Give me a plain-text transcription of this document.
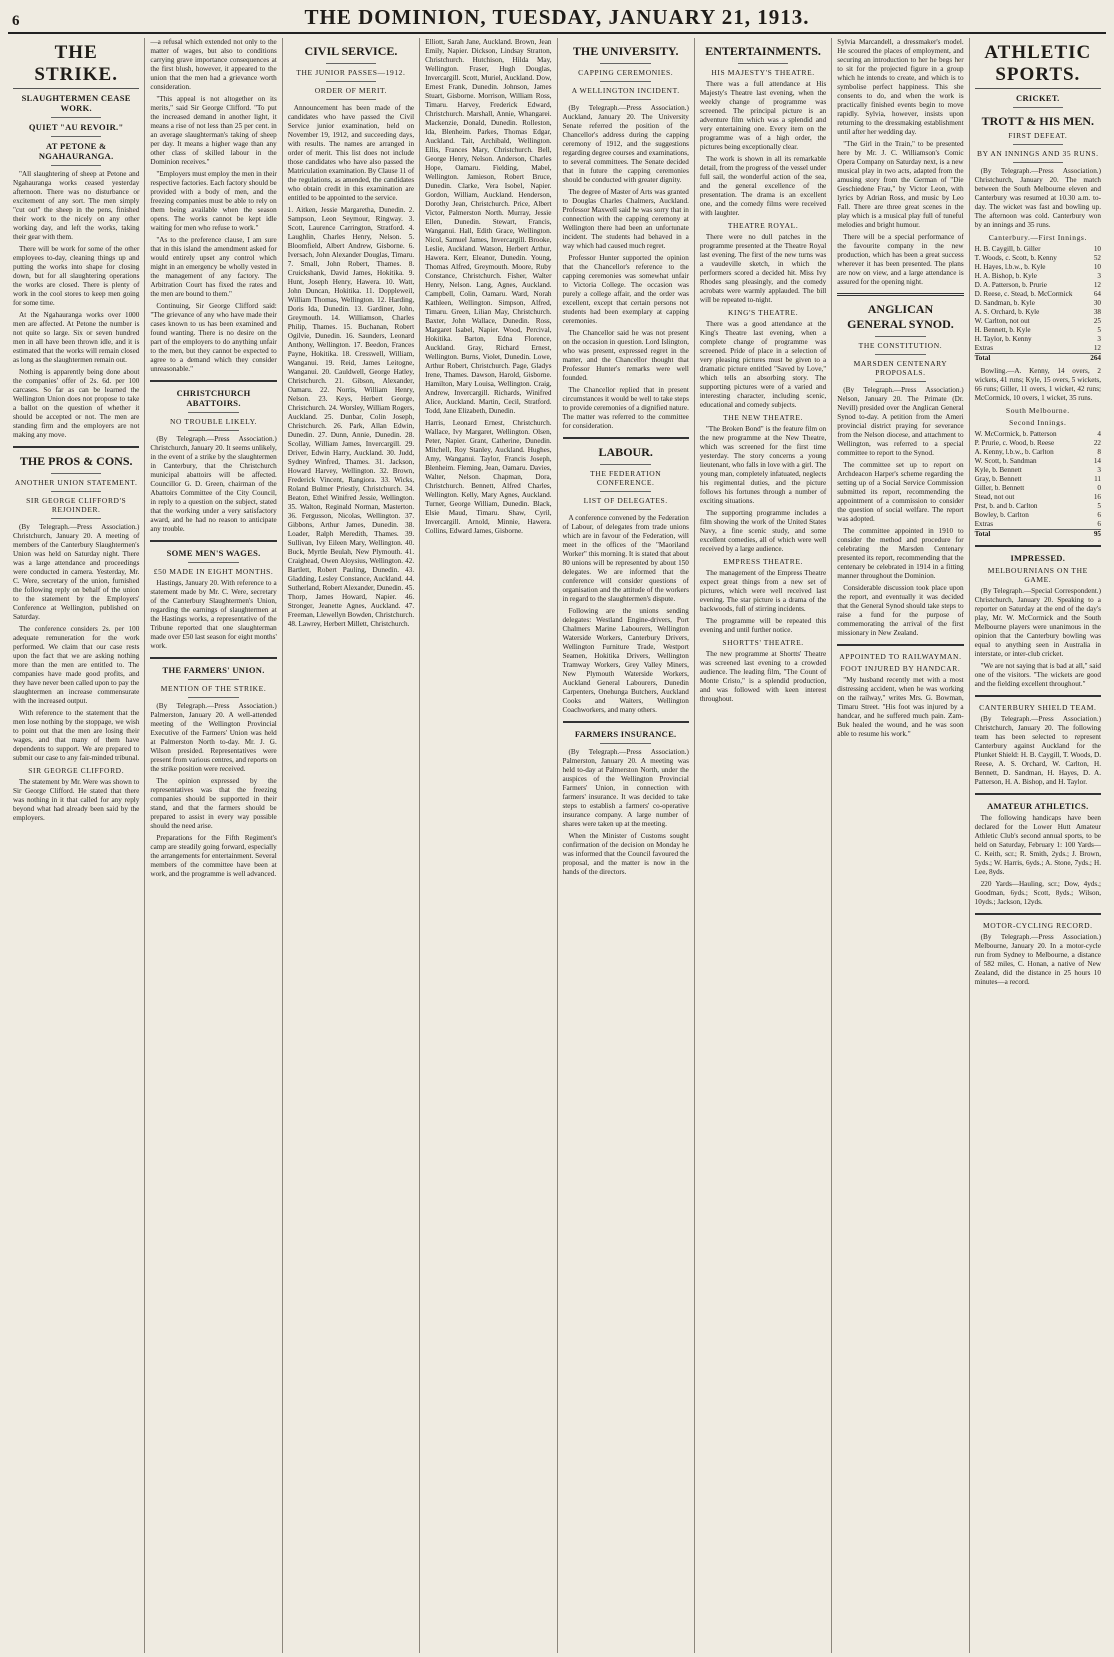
6	THE DOMINION, TUESDAY, JANUARY 21, 1913.
THE STRIKE.
SLAUGHTERMEN CEASE WORK.
QUIET "AU REVOIR."
AT PETONE & NGAHAURANGA.

"All slaughtering of sheep at Petone and Ngahauranga works ceased yesterday afternoon. There was no disturbance or excitement of any sort. The men simply "cut out" the sheep in the pens, finished their work to the nicely on any other working day, and left the works, taking their gear with them.

There will be work for some of the other employees to-day, cleaning things up and putting the works into shape for closing down, but for all slaughtering operations the works are closed. There is plenty of work in the cool stores to keep men going for some time.

At the Ngahauranga works over 1000 men are affected. At Petone the number is not quite so large. Six or seven hundred men in all have been thrown idle, and it is estimated that the works will remain closed as long as the slaughtermen remain out.

Nothing is apparently being done about the companies' offer of 2s. 6d. per 100 carcases. So far as can be learned the Wellington Union does not propose to take a ballot on the question of whether it should be accepted or not. The men are standing firm and the employers are not making any move.

THE PROS & CONS.
ANOTHER UNION STATEMENT.
SIR GEORGE CLIFFORD'S REJOINDER.

(By Telegraph.—Press Association.) Christchurch, January 20. A meeting of members of the Canterbury Slaughtermen's Union was held on Saturday night. There was a large attendance and proceedings were conducted in camera. Yesterday, Mr. C. Were, secretary of the union, furnished the following reply on behalf of the union to the statement by the Employers' Conference at Wellington, published on Saturday.

The conference considers 2s. per 100 adequate remuneration for the work performed. We claim that our case rests upon the fact that we are asking nothing more than the men are entitled to. The companies have made good profits, and they have never been called upon to pay the slaughtermen an increase commensurate with the increased output.

With reference to the statement that the men lose nothing by the stoppage, we wish to point out that the men are losing their wages, and that many of them have dependents to support. We are prepared to submit our case to any fair-minded tribunal.

SIR GEORGE CLIFFORD.

The statement by Mr. Were was shown to Sir George Clifford. He stated that there was nothing in it that called for any reply beyond what had already been said by the employers.

—a refusal which extended not only to the matter of wages, but also to conditions carrying grave importance consequences at the first blush, however, it appeared to the union that the men had a grievance worth consideration.

"This appeal is not altogether on its merits," said Sir George Clifford. "To put the increased demand in another light, it means a rise of not less than 25 per cent. in an average slaughterman's taking of sheep per day. It means a higher wage than any other class of skilled labour in the Dominion receives."

"Employers must employ the men in their respective factories. Each factory should be provided with a body of men, and the freezing companies must be able to rely on them being available when the season opens. The works cannot be kept idle waiting for men who refuse to work."

"As to the preference clause, I am sure that in this island the amendment asked for would entirely upset any control which might in an emergency be wholly vested in the management of any factory. The Arbitration Court has fixed the rates and the men are bound to them."

Continuing, Sir George Clifford said: "The grievance of any who have made their cases known to us has been examined and found wanting. There is no desire on the part of the employers to do anything unfair to the men, but they cannot be expected to agree to a demand which they consider unreasonable."

CHRISTCHURCH ABATTOIRS.
NO TROUBLE LIKELY.

(By Telegraph.—Press Association.) Christchurch, January 20. It seems unlikely, in the event of a strike by the slaughtermen in Canterbury, that the Christchurch municipal abattoirs will be affected. Councillor G. D. Green, chairman of the Abattoirs Committee of the City Council, in reply to a question on the subject, stated that the working under a very satisfactory award, and he had no reason to anticipate any trouble.

SOME MEN'S WAGES.
£50 MADE IN EIGHT MONTHS.

Hastings, January 20. With reference to a statement made by Mr. C. Were, secretary of the Canterbury Slaughtermen's Union, regarding the earnings of slaughtermen at the Hastings works, a representative of the Tribune reported that one slaughterman made over £50 last season for eight months' work.

THE FARMERS' UNION.
MENTION OF THE STRIKE.

(By Telegraph.—Press Association.) Palmerston, January 20. A well-attended meeting of the Wellington Provincial Executive of the Farmers' Union was held at Palmerston North to-day. Mr. J. G. Wilson presided. Representatives were present from various centres, and reports on the strike position were received.

The opinion expressed by the representatives was that the freezing companies should be supported in their stand, and that the farmers should be prepared to assist in every way possible should the need arise.

Preparations for the Fifth Regiment's camp are steadily going forward, especially the arrangements for entertainment. Several members of the committee have been at work, and the programme is well advanced.

CIVIL SERVICE.
THE JUNIOR PASSES—1912.
ORDER OF MERIT.

Announcement has been made of the candidates who have passed the Civil Service junior examination, held on November 19, 1912, and succeeding days, with results. The names are arranged in order of merit. This list does not include those candidates who have also passed the Matriculation examination. By Clause 11 of the regulations, as amended, the candidates who obtain credit in this examination are entitled to be appointed to the service.

1. Aitken, Jessie Margaretha, Dunedin. 2. Sampson, Leon Seymour, Ringway. 3. Scott, Laurence Carrington, Stratford. 4. Laughlin, Charles Henry, Nelson. 5. Bloomfield, Albert Andrew, Gisborne. 6. Iversach, John Alexander Douglas, Timaru. 7. Small, John Robert, Thames. 8. Cruickshank, David James, Hokitika. 9. Hunt, Joseph Henry, Hawera. 10. Watt, John Duncan, Hokitika. 11. Doppleweil, William Thomas, Wellington. 12. Harding, Doris Ida, Dunedin. 13. Gardiner, John, Greymouth. 14. Williamson, Charles Philip, Thames. 15. Buchanan, Robert Ogilvie, Dunedin. 16. Saunders, Leonard Anthony, Wellington. 17. Beedon, Frances Payne, Hokitika. 18. Cresswell, William, Wanganui. 19. Reid, James Leitogne, Wanganui. 20. Cauldwell, George Hatley, Christchurch. 21. Gibson, Alexander, Oamaru. 22. Norris, William Henry, Nelson. 23. Keys, Herbert George, Christchurch. 24. Worsley, William Rogers, Auckland. 25. Dunbar, Colin Joseph, Christchurch. 26. Park, Allan Edwin, Dunedin. 27. Dunn, Annie, Dunedin. 28. Scollay, William James, Invercargill. 29. Driver, Edwin Harry, Auckland. 30. Judd, Sydney Winfred, Thames. 31. Jackson, Howard Harvey, Wellington. 32. Brown, Frederick Vincent, Rangiora. 33. Wicks, Roland Bulmer Priestly, Christchurch. 34. Beaton, Ethel Winifred Jessie, Wellington. 35. Walton, Reginald Norman, Masterton. 36. Fergusson, Nicolas, Wellington. 37. Gibbons, Arthur James, Dunedin. 38. Loader, Ralph Meredith, Thames. 39. Sullivan, Ivy Eileen Mary, Wellington. 40. Buck, Myrtle Beulah, New Plymouth. 41. Craighead, Owen Aloysius, Wellington. 42. Bartlett, Robert Pauling, Dunedin. 43. Gladding, Lesley Constance, Auckland. 44. Sutherland, Robert Alexander, Dunedin. 45. Thorp, James Howard, Napier. 46. Stronger, Jeanette Agnes, Auckland. 47. Freeman, Llewellyn Bowden, Christchurch. 48. Lawrey, Herbert Millett, Christchurch.

Elliott, Sarah Jane, Auckland. Brown, Jean Emily, Napier. Dickson, Lindsay Stratton, Christchurch. Hutchison, Hilda May, Wellington. Fraser, Hugh Douglas, Invercargill. Scott, Muriel, Auckland. Dow, Ernest Frank, Dunedin. Johnson, James Stuart, Gisborne. Morrison, William Ross, Timaru. Harvey, Frederick Edward, Christchurch. Marshall, Annie, Whangarei. Mackenzie, Donald, Dunedin. Rolleston, Ida, Blenheim. Parkes, Thomas Edgar, Auckland. Tait, Archibald, Wellington. Ellis, Frances Mary, Christchurch. Bell, George Henry, Nelson. Anderson, Charles Hope, Oamaru. Fielding, Mabel, Wellington. Jamieson, Robert Bruce, Dunedin. Clarke, Vera Isobel, Napier. Gordon, William, Auckland. Henderson, Dorothy Jean, Christchurch. Price, Albert Victor, Palmerston North. Murray, Jessie Ellen, Dunedin. Stewart, Francis, Wanganui. Hall, Edith Grace, Wellington. Nicol, Samuel James, Invercargill. Brooke, Leslie, Auckland. Watson, Herbert Arthur, Hawera. Kerr, Eleanor, Dunedin. Young, Thomas Alfred, Greymouth. Moore, Ruby Constance, Christchurch. Fisher, Walter Henry, Nelson. Lang, Agnes, Auckland. Campbell, Colin, Oamaru. Ward, Norah Kathleen, Wellington. Simpson, Alfred, Timaru. Green, Lilian May, Christchurch. Baxter, John Wallace, Dunedin. Ross, Margaret Isabel, Napier. Wood, Percival, Hokitika. Barton, Edna Florence, Auckland. Gray, Richard Ernest, Wellington. Burns, Violet, Dunedin. Lowe, Arthur Robert, Christchurch. Page, Gladys Irene, Thames. Dawson, Harold, Gisborne. Hamilton, Mary Louisa, Wellington. Craig, Andrew, Invercargill. Richards, Winifred Alice, Auckland. Martin, Cecil, Stratford. Todd, Jane Elizabeth, Dunedin.

Harris, Leonard Ernest, Christchurch. Wallace, Ivy Margaret, Wellington. Olsen, Peter, Napier. Grant, Catherine, Dunedin. Mitchell, Roy Stanley, Auckland. Hughes, Amy, Wanganui. Taylor, Francis Joseph, Blenheim. Fleming, Jean, Oamaru. Davies, Walter, Nelson. Chapman, Dora, Christchurch. Bennett, Alfred Charles, Wellington. Kelly, Mary Agnes, Auckland. Turner, George William, Dunedin. Black, Elsie Maud, Timaru. Shaw, Cyril, Invercargill. Arnold, Minnie, Hawera. Collins, Edward James, Gisborne.

THE UNIVERSITY.
CAPPING CEREMONIES.
A WELLINGTON INCIDENT.

(By Telegraph.—Press Association.) Auckland, January 20. The University Senate referred the position of the Chancellor's address during the capping ceremony of 1912, and the suggestions regarding degree courses and examinations, to several committees. The Senate decided that in future the capping ceremonies should be conducted with greater dignity.

The degree of Master of Arts was granted to Douglas Charles Chalmers, Auckland. Professor Maxwell said he was sorry that in connection with the capping ceremony at Wellington there had been an unfortunate incident. The students had behaved in a way which had caused much regret.

Professor Hunter supported the opinion that the Chancellor's reference to the capping ceremonies was somewhat unfair to Victoria College. The occasion was purely a college affair, and the order was excellent, except that certain persons not students had been exemplary at capping ceremonies.

The Chancellor said he was not present on the occasion in question. Lord Islington, who was present, expressed regret in the matter, and the Chancellor thought that Professor Hunter's remarks were well founded.

The Chancellor replied that in present circumstances it would be well to take steps to provide ceremonies of a dignified nature. The matter was referred to the committee for consideration.

LABOUR.
THE FEDERATION CONFERENCE.
LIST OF DELEGATES.

A conference convened by the Federation of Labour, of delegates from trade unions which are in favour of the Federation, will meet in the offices of the "Maoriland Worker" this morning. It is stated that about 80 unions will be represented by about 150 delegates. We are informed that the conference will consider questions of organisation and the attitude of the workers in regard to the slaughtermen's dispute.

Following are the unions sending delegates: Westland Engine-drivers, Port Chalmers Marine Labourers, Wellington Waterside Workers, Canterbury Drivers, Wellington Furniture Trade, Westport Seamen, Hokitika Drivers, Wellington Tramway Workers, Grey Valley Miners, New Plymouth Waterside Workers, Auckland General Labourers, Dunedin Carpenters, Onehunga Butchers, Auckland Cooks and Waiters, Wellington Coachworkers, and many others.

FARMERS INSURANCE.

(By Telegraph.—Press Association.) Palmerston, January 20. A meeting was held to-day at Palmerston North, under the auspices of the Wellington Provincial Farmers' Union, in connection with farmers' insurance. It was decided to take steps to establish a farmers' co-operative insurance company. A large number of shares were taken up at the meeting.

When the Minister of Customs sought confirmation of the decision on Monday he was informed that the Council favoured the proposal, and the matter is now in the hands of the directors.

ENTERTAINMENTS.
HIS MAJESTY'S THEATRE.

There was a full attendance at His Majesty's Theatre last evening, when the weekly change of programme was screened. The principal picture is an adventure film which was a splendid and very entertaining one. Every item on the programme was of a high order, the pictures being exceptionally clear.

The work is shown in all its remarkable detail, from the progress of the vessel under full sail, the wonderful action of the sea, and the general excellence of the presentation. The drama is an excellent one, and the comedy films were received with laughter.

THEATRE ROYAL.

There were no dull patches in the programme presented at the Theatre Royal last evening. The first of the new turns was a vaudeville sketch, in which the performers scored a decided hit. Miss Ivy Rhodes sang pleasingly, and the comedy acrobats were warmly applauded. The bill will be repeated to-night.

KING'S THEATRE.

There was a good attendance at the King's Theatre last evening, when a complete change of programme was screened. Pride of place in a selection of very pleasing pictures must be given to a dramatic picture entitled "Saved by Love," which tells an absorbing story. The supporting pictures were of a varied and interesting character, including scenic, educational and comedy subjects.

THE NEW THEATRE.

"The Broken Bond" is the feature film on the new programme at the New Theatre, which was screened for the first time yesterday. The story concerns a young lieutenant, who falls in love with a girl. The young man, completely infatuated, neglects his regimental duties, and the picture follows his fortunes through a number of exciting situations.

The supporting programme includes a film showing the work of the United States Navy, a fine scenic study, and some excellent comedies, all of which were well received by a large audience.

EMPRESS THEATRE.

The management of the Empress Theatre expect great things from a new set of pictures, which were well received last evening. The star picture is a drama of the backwoods, full of stirring incidents.

The programme will be repeated this evening and until further notice.

SHORTTS' THEATRE.

The new programme at Shortts' Theatre was screened last evening to a crowded audience. The leading film, "The Count of Monte Cristo," is a splendid production, and was followed with keen interest throughout.

Sylvia Marcandell, a dressmaker's model. He scoured the places of employment, and securing an introduction to her he begs her to sit for the projected figure in a group which he intends to create, and which is to symbolise perfect happiness. This she consents to do, and when the work is practically finished events begin to move rapidly. Sylvia, however, insists upon returning to the dressmaking establishment until after her wedding day.

"The Girl in the Train," to be presented here by Mr. J. C. Williamson's Comic Opera Company on Saturday next, is a new musical play in two acts, adapted from the amusing story from the German of "Die Geschiedene Frau," by Victor Leon, with lyrics by Adrian Ross, and music by Leo Fall. There are three great scenes in the play which is a musical play full of tuneful melodies and bright humour.

There will be a special performance of the favourite company in the new production, which has been a great success wherever it has been presented. The plans are now on view, and a large attendance is assured for the opening night.

ANGLICAN GENERAL SYNOD.
THE CONSTITUTION.
MARSDEN CENTENARY PROPOSALS.

(By Telegraph.—Press Association.) Nelson, January 20. The Primate (Dr. Nevill) presided over the Anglican General Synod to-day. A petition from the Ameri provincial district praying for severance from the Nelson diocese, and attachment to Wellington, was referred to a special committee to report to the Synod.

The committee set up to report on Archdeacon Harper's scheme regarding the setting up of a Social Service Commission submitted its report, recommending the appointment of a commission to consider the question of social welfare. The report was adopted.

The committee appointed in 1910 to consider the method and procedure for celebrating the Marsden Centenary presented its report, recommending that the centenary be celebrated in 1914 in a fitting manner throughout the Dominion.

Considerable discussion took place upon the report, and eventually it was decided that the General Synod should take steps to raise a fund for the purpose of commemorating the arrival of the first missionary in New Zealand.

APPOINTED TO RAILWAYMAN.
FOOT INJURED BY HANDCAR.

"My husband recently met with a most distressing accident, when he was working on the railway," writes Mrs. G. Bowman, Timaru Street. "His foot was injured by a handcar, and he suffered much pain. Zam-Buk healed the wound, and he was soon able to resume his work."

ATHLETIC SPORTS.
CRICKET.
TROTT & HIS MEN.
FIRST DEFEAT.
BY AN INNINGS AND 35 RUNS.

(By Telegraph.—Press Association.) Christchurch, January 20. The match between the South Melbourne eleven and Canterbury was resumed at 10.30 a.m. to-day. The wicket was fast and bowling up. The afternoon was cold. Canterbury won by an innings and 35 runs.

Canterbury.—First Innings.
H. B. Caygill, b. Giller	10
T. Woods, c. Scott, b. Kenny	52
H. Hayes, l.b.w., b. Kyle	10
H. A. Bishop, b. Kyle	3
D. A. Patterson, b. Prurie	12
D. Reese, c. Stead, b. McCormick	64
D. Sandman, b. Kyle	30
A. S. Orchard, b. Kyle	38
W. Carlton, not out	25
H. Bennett, b. Kyle	5
H. Taylor, b. Kenny	3
Extras	12
Total	264

Bowling.—A. Kenny, 14 overs, 2 wickets, 41 runs; Kyle, 15 overs, 5 wickets, 66 runs; Giller, 11 overs, 1 wicket, 42 runs; McCormick, 10 overs, 1 wicket, 35 runs.

South Melbourne.
Second Innings.
W. McCormick, b. Patterson	4
P. Prurie, c. Wood, b. Reese	22
A. Kenny, l.b.w., b. Carlton	8
W. Scott, b. Sandman	14
Kyle, b. Bennett	3
Gray, b. Bennett	11
Giller, b. Bennett	0
Stead, not out	16
Prst, b. and b. Carlton	5
Bowley, b. Carlton	6
Extras	6
Total	95
IMPRESSED.
MELBOURNIANS ON THE GAME.

(By Telegraph.—Special Correspondent.) Christchurch, January 20. Speaking to a reporter on Saturday at the end of the day's play, Mr. W. McCormick and the South Melbourne players were unanimous in the opinion that the Canterbury bowling was equal to anything seen in Australia in interstate, or inter-club cricket.

"We are not saying that is bad at all," said one of the visitors. "The wickets are good and the fielding excellent throughout."

CANTERBURY SHIELD TEAM.

(By Telegraph.—Press Association.) Christchurch, January 20. The following team has been selected to represent Canterbury against Auckland for the Plunket Shield: H. B. Caygill, T. Woods, D. Reese, A. S. Orchard, W. Carlton, H. Bennett, D. Sandman, H. Hayes, D. A. Patterson, H. A. Bishop, and H. Taylor.

AMATEUR ATHLETICS.

The following handicaps have been declared for the Lower Hutt Amateur Athletic Club's second annual sports, to be held on Saturday, February 1: 100 Yards—C. Keith, scr.; R. Smith, 2yds.; J. Brown, 5yds.; W. Harris, 6yds.; A. Stone, 7yds.; H. Lee, 8yds.

220 Yards—Hauling, scr.; Dow, 4yds.; Goodman, 6yds.; Scott, 8yds.; Wilson, 10yds.; Jackson, 12yds.

MOTOR-CYCLING RECORD.

(By Telegraph.—Press Association.) Melbourne, January 20. In a motor-cycle run from Sydney to Melbourne, a distance of 582 miles, C. Honan, a native of New Zealand, did the distance in 25 hours 10 minutes—a record.
